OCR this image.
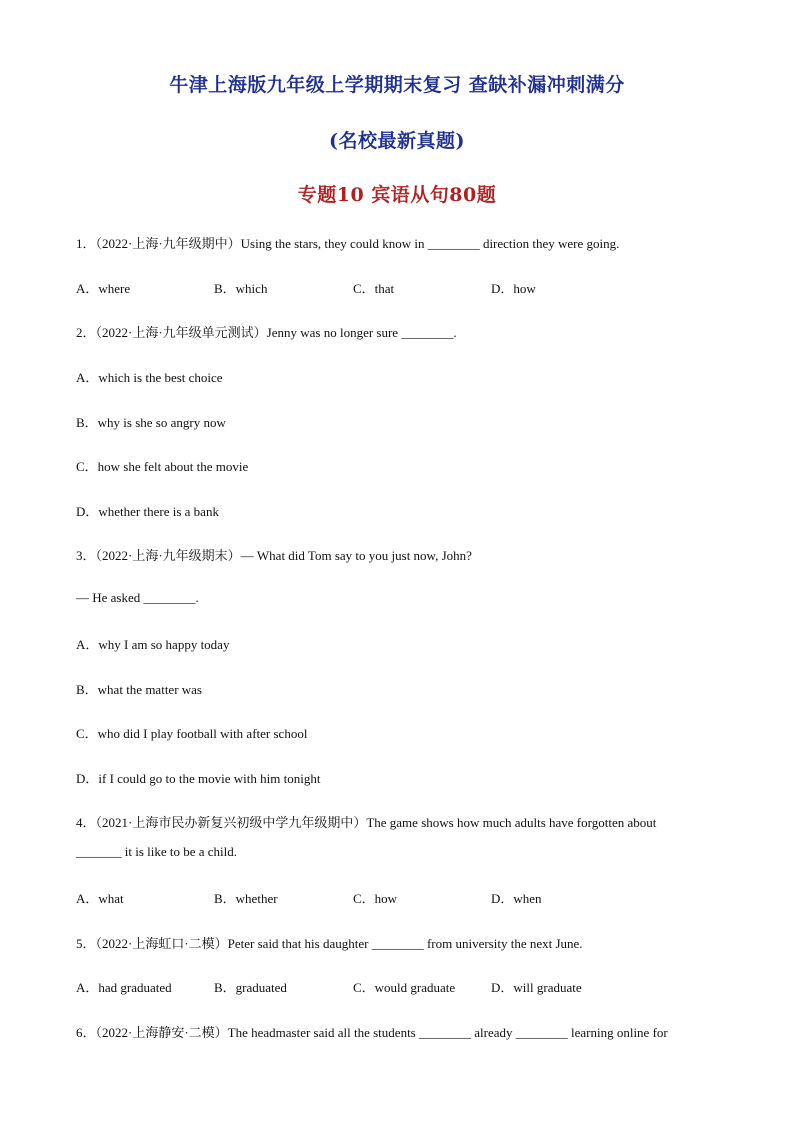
牛津上海版九年级上学期期末复习 查缺补漏冲刺满分
(名校最新真题)
专题10 宾语从句80题
1．（2022·上海·九年级期中）Using the stars, they could know in ________ direction they were going.
A．where	B．which	C．that	D．how
2．（2022·上海·九年级单元测试）Jenny was no longer sure ________.
A．which is the best choice
B．why is she so angry now
C．how she felt about the movie
D．whether there is a bank
3．（2022·上海·九年级期末）— What did Tom say to you just now, John?
— He asked ________.
A．why I am so happy today
B．what the matter was
C．who did I play football with after school
D．if I could go to the movie with him tonight
4．（2021·上海市民办新复兴初级中学九年级期中）The game shows how much adults have forgotten about
_______ it is like to be a child.
A．what	B．whether	C．how	D．when
5．（2022·上海虹口·二模）Peter said that his daughter ________ from university the next June.
A．had graduated	B．graduated	C．would graduate	D．will graduate
6．（2022·上海静安·二模）The headmaster said all the students ________ already ________ learning online for
